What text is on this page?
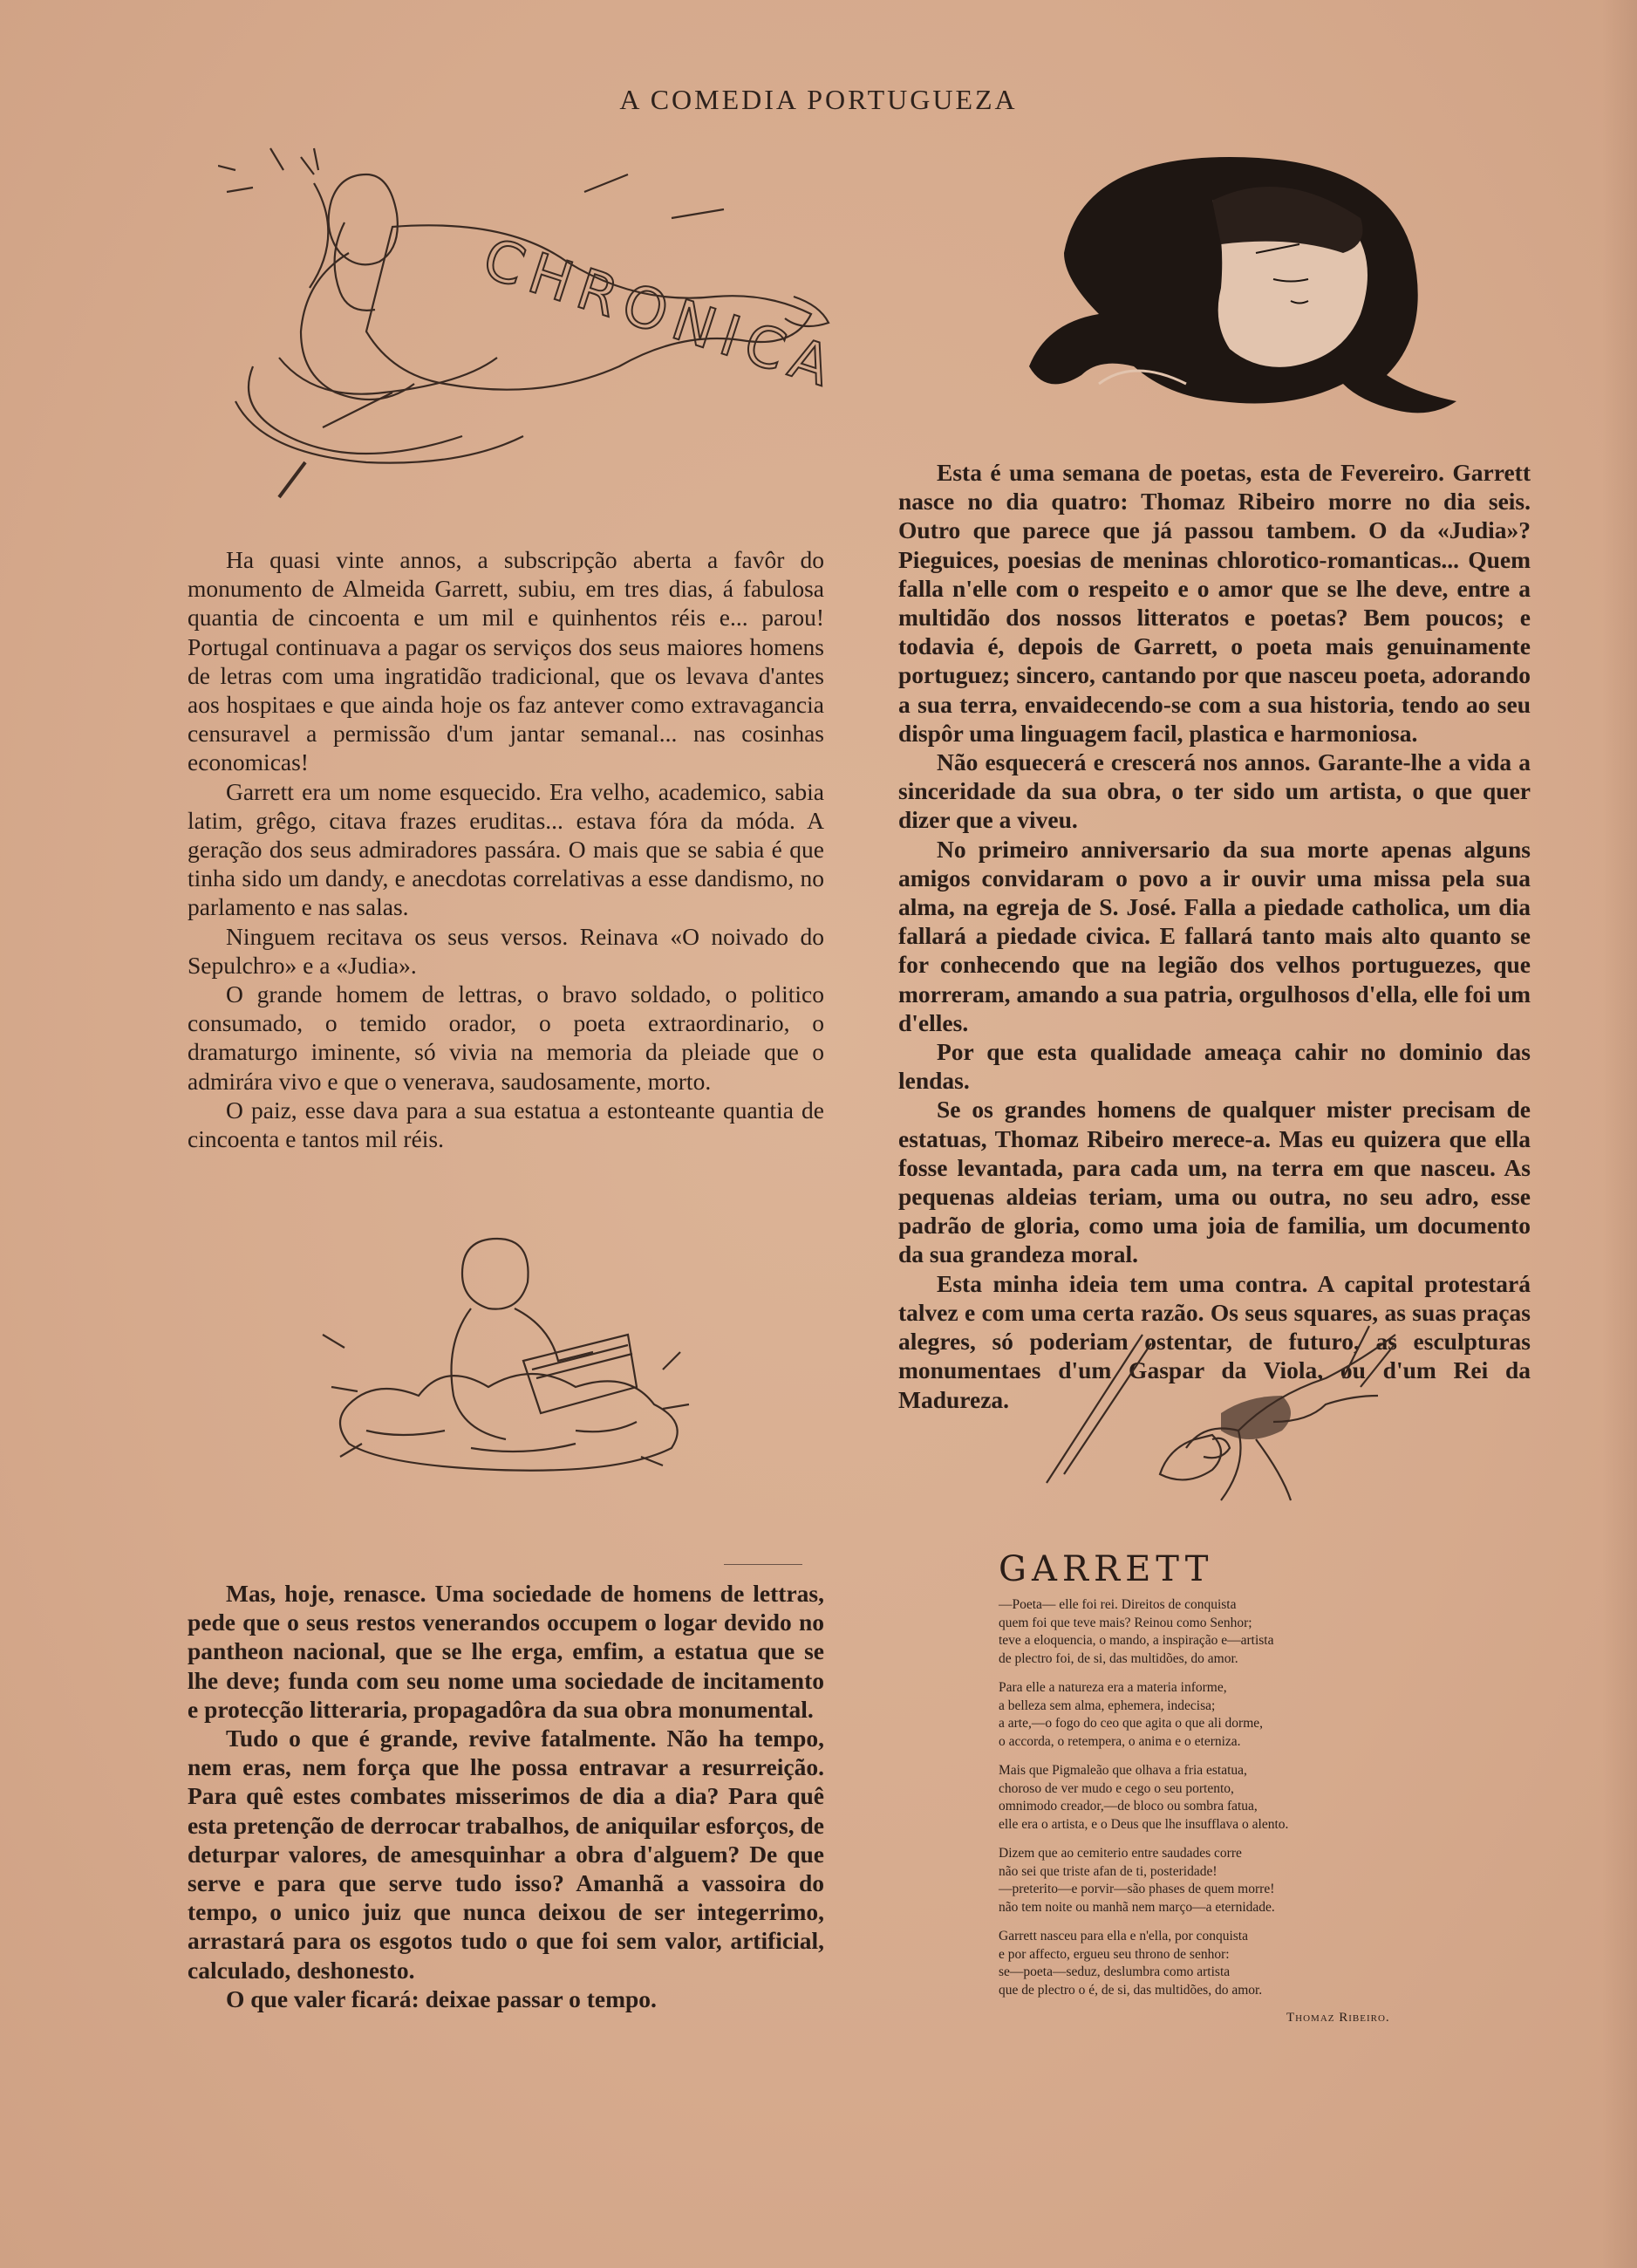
A COMEDIA PORTUGUEZA
CHRONICA

Ha quasi vinte annos, a subscripção aberta a favôr do monumento de Almeida Garrett, subiu, em tres dias, á fabulosa quantia de cincoenta e um mil e quinhentos réis e... parou! Portugal continuava a pagar os serviços dos seus maiores homens de letras com uma ingratidão tradicional, que os levava d'antes aos hospitaes e que ainda hoje os faz antever como extravagancia censuravel a permissão d'um jantar semanal... nas cosinhas economicas!

Garrett era um nome esquecido. Era velho, academico, sabia latim, grêgo, citava frazes eruditas... estava fóra da móda. A geração dos seus admiradores passára. O mais que se sabia é que tinha sido um dandy, e anecdotas correlativas a esse dandismo, no parlamento e nas salas.

Ninguem recitava os seus versos. Reinava «O noivado do Sepulchro» e a «Judia».

O grande homem de lettras, o bravo soldado, o politico consumado, o temido orador, o poeta extraordinario, o dramaturgo iminente, só vivia na memoria da pleiade que o admirára vivo e que o venerava, saudosamente, morto.

O paiz, esse dava para a sua estatua a estonteante quantia de cincoenta e tantos mil réis.

Esta é uma semana de poetas, esta de Fevereiro. Garrett nasce no dia quatro: Thomaz Ribeiro morre no dia seis. Outro que parece que já passou tambem. O da «Judia»? Pieguices, poesias de meninas chlorotico-romanticas... Quem falla n'elle com o respeito e o amor que se lhe deve, entre a multidão dos nossos litteratos e poetas? Bem poucos; e todavia é, depois de Garrett, o poeta mais genuinamente portuguez; sincero, cantando por que nasceu poeta, adorando a sua terra, envaidecendo-se com a sua historia, tendo ao seu dispôr uma linguagem facil, plastica e harmoniosa.

Não esquecerá e crescerá nos annos. Garante-lhe a vida a sinceridade da sua obra, o ter sido um artista, o que quer dizer que a viveu.

No primeiro anniversario da sua morte apenas alguns amigos convidaram o povo a ir ouvir uma missa pela sua alma, na egreja de S. José. Falla a piedade catholica, um dia fallará a piedade civica. E fallará tanto mais alto quanto se for conhecendo que na legião dos velhos portuguezes, que morreram, amando a sua patria, orgulhosos d'ella, elle foi um d'elles.

Por que esta qualidade ameaça cahir no dominio das lendas.

Se os grandes homens de qualquer mister precisam de estatuas, Thomaz Ribeiro merece-a. Mas eu quizera que ella fosse levantada, para cada um, na terra em que nasceu. As pequenas aldeias teriam, uma ou outra, no seu adro, esse padrão de gloria, como uma joia de familia, um documento da sua grandeza moral.

Esta minha ideia tem uma contra. A capital protestará talvez e com uma certa razão. Os seus squares, as suas praças alegres, só poderiam ostentar, de futuro, as esculpturas monumentaes d'um Gaspar da Viola, ou d'um Rei da Madureza.

Mas, hoje, renasce. Uma sociedade de homens de lettras, pede que o seus restos venerandos occupem o logar devido no pantheon nacional, que se lhe erga, emfim, a estatua que se lhe deve; funda com seu nome uma sociedade de incitamento e protecção litteraria, propagadôra da sua obra monumental.

Tudo o que é grande, revive fatalmente. Não ha tempo, nem eras, nem força que lhe possa entravar a resurreição. Para quê estes combates misserimos de dia a dia? Para quê esta pretenção de derrocar trabalhos, de aniquilar esforços, de deturpar valores, de amesquinhar a obra d'alguem? De que serve e para que serve tudo isso? Amanhã a vassoira do tempo, o unico juiz que nunca deixou de ser integerrimo, arrastará para os esgotos tudo o que foi sem valor, artificial, calculado, deshonesto.

O que valer ficará: deixae passar o tempo.

GARRETT
—Poeta— elle foi rei. Direitos de conquista
quem foi que teve mais? Reinou como Senhor;
teve a eloquencia, o mando, a inspiração e—artista
de plectro foi, de si, das multidões, do amor.
Para elle a natureza era a materia informe,
a belleza sem alma, ephemera, indecisa;
a arte,—o fogo do ceo que agita o que ali dorme,
o accorda, o retempera, o anima e o eterniza.
Mais que Pigmaleão que olhava a fria estatua,
choroso de ver mudo e cego o seu portento,
omnimodo creador,—de bloco ou sombra fatua,
elle era o artista, e o Deus que lhe insufflava o alento.
Dizem que ao cemiterio entre saudades corre
não sei que triste afan de ti, posteridade!
—preterito—e porvir—são phases de quem morre!
não tem noite ou manhã nem março—a eternidade.
Garrett nasceu para ella e n'ella, por conquista
e por affecto, ergueu seu throno de senhor:
se—poeta—seduz, deslumbra como artista
que de plectro o é, de si, das multidões, do amor.
Thomaz Ribeiro.
